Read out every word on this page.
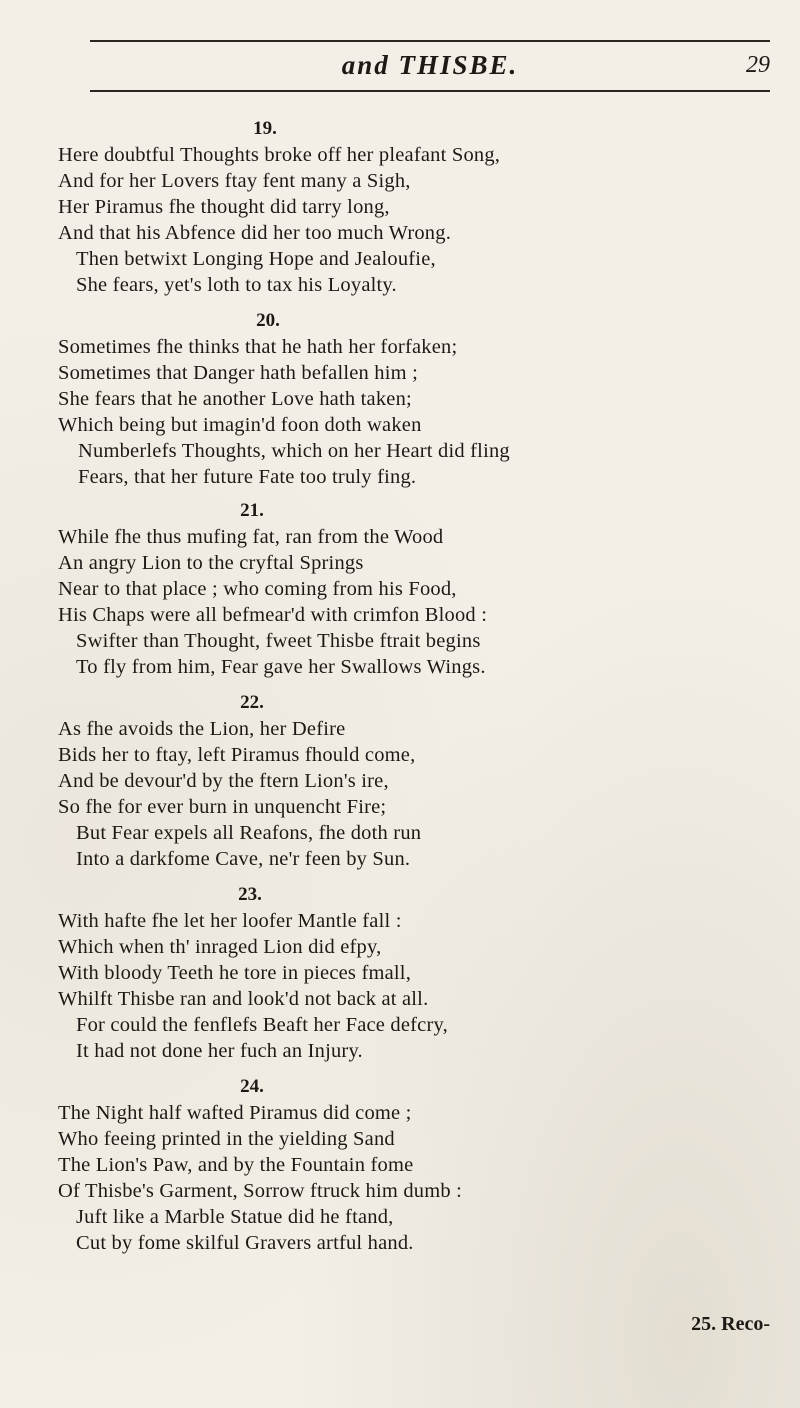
and THISBE.	29
19.
Here doubtful Thoughts broke off her pleafant Song,
And for her Lovers ftay fent many a Sigh,
Her Piramus fhe thought did tarry long,
And that his Abfence did her too much Wrong.
Then betwixt Longing Hope and Jealoufie,
She fears, yet's loth to tax his Loyalty.
20.
Sometimes fhe thinks that he hath her forfaken;
Sometimes that Danger hath befallen him ;
She fears that he another Love hath taken;
Which being but imagin'd foon doth waken
Numberlefs Thoughts, which on her Heart did fling
Fears, that her future Fate too truly fing.
21.
While fhe thus mufing fat, ran from the Wood
An angry Lion to the cryftal Springs
Near to that place ; who coming from his Food,
His Chaps were all befmear'd with crimfon Blood :
Swifter than Thought, fweet Thisbe ftrait begins
To fly from him, Fear gave her Swallows Wings.
22.
As fhe avoids the Lion, her Defire
Bids her to ftay, left Piramus fhould come,
And be devour'd by the ftern Lion's ire,
So fhe for ever burn in unquencht Fire;
But Fear expels all Reafons, fhe doth run
Into a darkfome Cave, ne'r feen by Sun.
23.
With hafte fhe let her loofer Mantle fall :
Which when th' inraged Lion did efpy,
With bloody Teeth he tore in pieces fmall,
Whilft Thisbe ran and look'd not back at all.
For could the fenflefs Beaft her Face defcry,
It had not done her fuch an Injury.
24.
The Night half wafted Piramus did come ;
Who feeing printed in the yielding Sand
The Lion's Paw, and by the Fountain fome
Of Thisbe's Garment, Sorrow ftruck him dumb :
Juft like a Marble Statue did he ftand,
Cut by fome skilful Gravers artful hand.
25. Reco-
